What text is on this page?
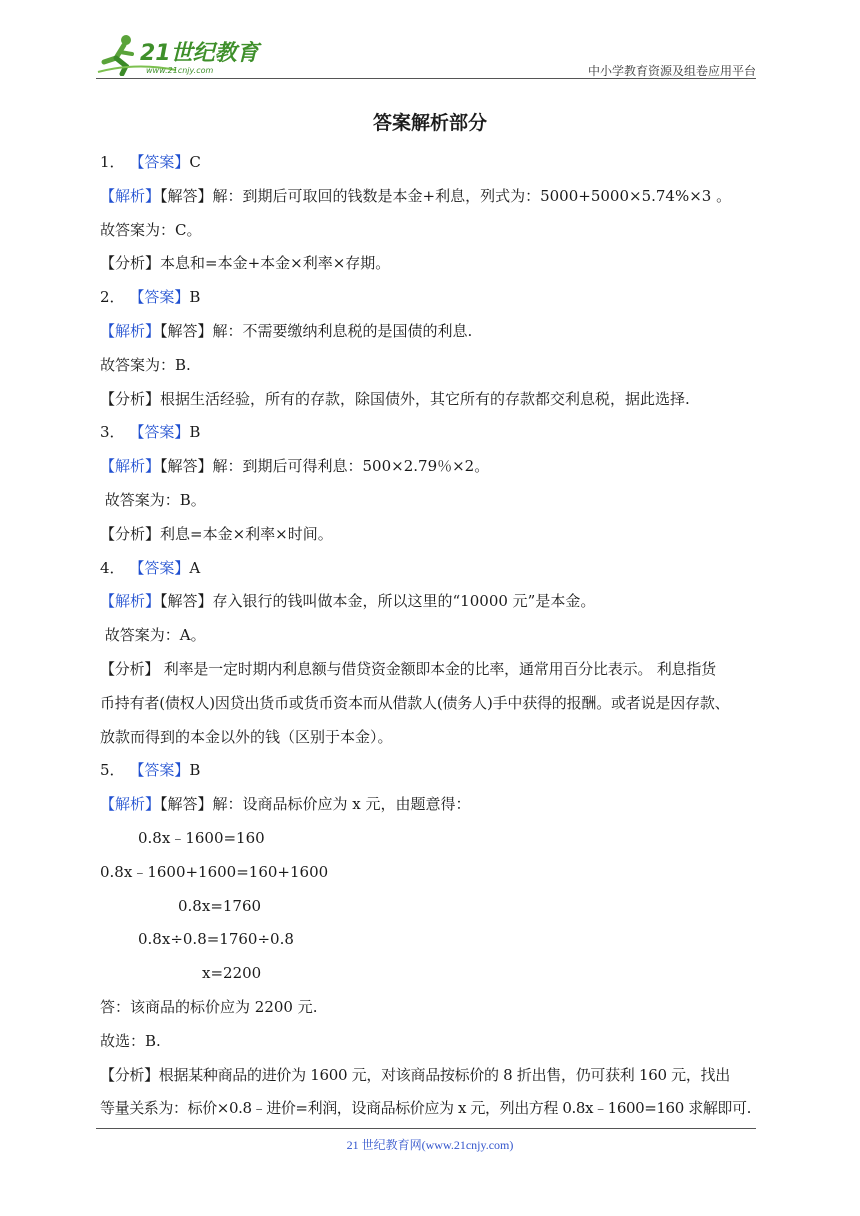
21世纪教育
www.21cnjy.com	中小学教育资源及组卷应用平台
答案解析部分
1． 【答案】C
【解析】【解答】解：到期后可取回的钱数是本金+利息，列式为：5000+5000×5.74%×3 。
故答案为：C。
【分析】本息和=本金+本金×利率×存期。
2． 【答案】B
【解析】【解答】解：不需要缴纳利息税的是国债的利息.
故答案为：B.
【分析】根据生活经验，所有的存款，除国债外，其它所有的存款都交利息税，据此选择.
3． 【答案】B
【解析】【解答】解：到期后可得利息：500×2.79％×2。
故答案为：B。
【分析】利息=本金×利率×时间。
4． 【答案】A
【解析】【解答】存入银行的钱叫做本金，所以这里的“10000 元”是本金。
故答案为：A。
【分析】 利率是一定时期内利息额与借贷资金额即本金的比率，通常用百分比表示。 利息指货
币持有者(债权人)因贷出货币或货币资本而从借款人(债务人)手中获得的报酬。或者说是因存款、
放款而得到的本金以外的钱（区别于本金）。
5． 【答案】B
【解析】【解答】解：设商品标价应为 x 元，由题意得：
0.8x﹣1600=160
0.8x﹣1600+1600=160+1600
0.8x=1760
0.8x÷0.8=1760÷0.8
x=2200
答：该商品的标价应为 2200 元.
故选：B.
【分析】根据某种商品的进价为 1600 元，对该商品按标价的 8 折出售，仍可获利 160 元，找出
等量关系为：标价×0.8﹣进价=利润，设商品标价应为 x 元，列出方程 0.8x﹣1600=160 求解即可.
21 世纪教育网(www.21cnjy.com)
